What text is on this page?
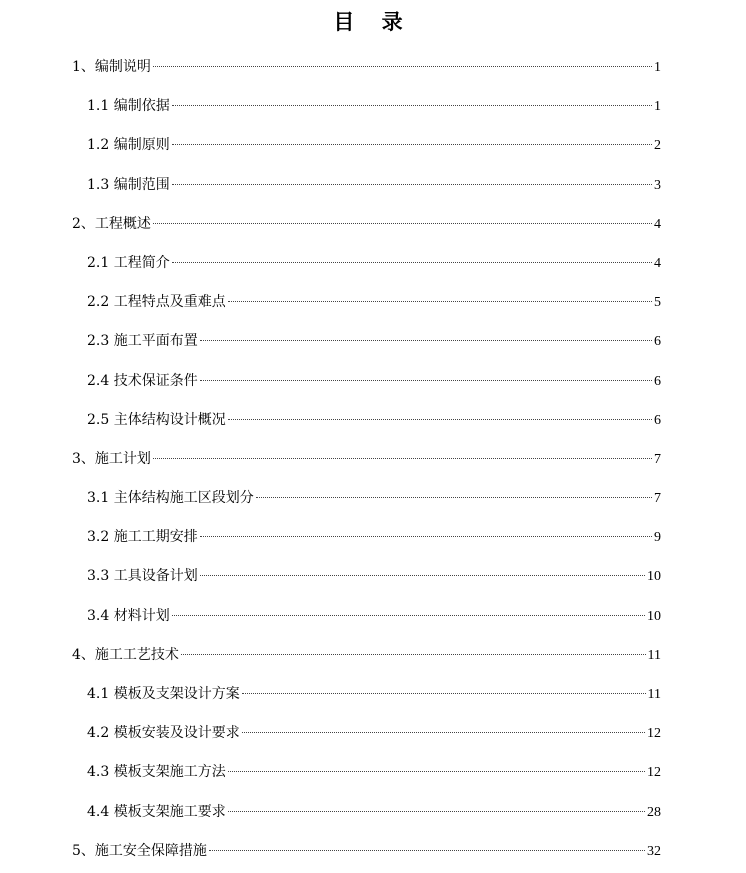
目 录
1、编制说明	1
1.1 编制依据	1
1.2 编制原则	2
1.3 编制范围	3
2、工程概述	4
2.1 工程简介	4
2.2 工程特点及重难点	5
2.3 施工平面布置	6
2.4 技术保证条件	6
2.5 主体结构设计概况	6
3、施工计划	7
3.1 主体结构施工区段划分	7
3.2 施工工期安排	9
3.3 工具设备计划	10
3.4 材料计划	10
4、施工工艺技术	11
4.1 模板及支架设计方案	11
4.2 模板安装及设计要求	12
4.3 模板支架施工方法	12
4.4 模板支架施工要求	28
5、施工安全保障措施	32
